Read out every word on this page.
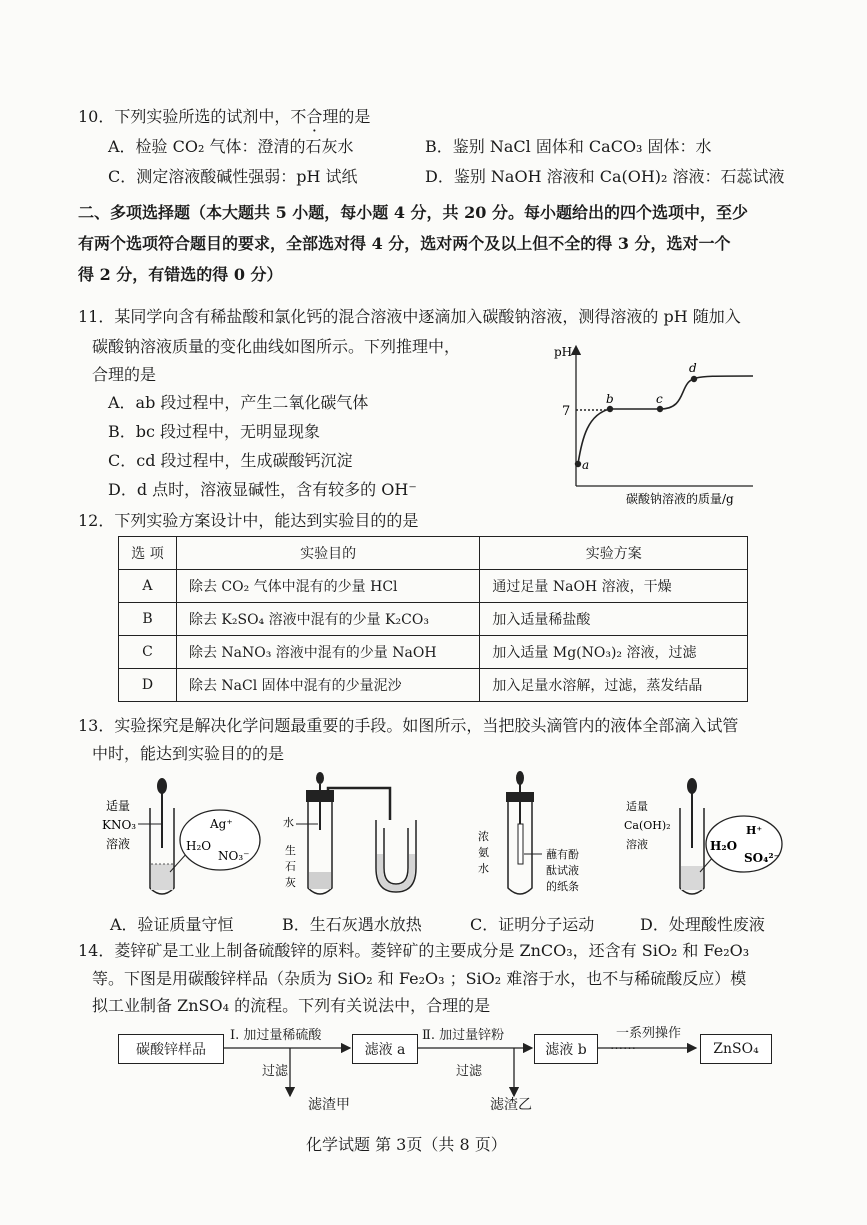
10．下列实验所选的试剂中，不合理的是
A．检验 CO₂ 气体：澄清的石灰水	B．鉴别 NaCl 固体和 CaCO₃ 固体：水
C．测定溶液酸碱性强弱：pH 试纸	D．鉴别 NaOH 溶液和 Ca(OH)₂ 溶液：石蕊试液
二、多项选择题（本大题共 5 小题，每小题 4 分，共 20 分。每小题给出的四个选项中，至少
有两个选项符合题目的要求，全部选对得 4 分，选对两个及以上但不全的得 3 分，选对一个
得 2 分，有错选的得 0 分）
11．某同学向含有稀盐酸和氯化钙的混合溶液中逐滴加入碳酸钠溶液，测得溶液的 pH 随加入
碳酸钠溶液质量的变化曲线如图所示。下列推理中，
合理的是
A．ab 段过程中，产生二氧化碳气体
B．bc 段过程中，无明显现象
C．cd 段过程中，生成碳酸钙沉淀
D．d 点时，溶液显碱性，含有较多的 OH⁻
pH
7
a
b	c
d
碳酸钠溶液的质量/g
12．下列实验方案设计中，能达到实验目的的是
选 项	实验目的	实验方案
A	除去 CO₂ 气体中混有的少量 HCl	通过足量 NaOH 溶液，干燥
B	除去 K₂SO₄ 溶液中混有的少量 K₂CO₃	加入适量稀盐酸
C	除去 NaNO₃ 溶液中混有的少量 NaOH	加入适量 Mg(NO₃)₂ 溶液，过滤
D	除去 NaCl 固体中混有的少量泥沙	加入足量水溶解，过滤，蒸发结晶
13．实验探究是解决化学问题最重要的手段。如图所示，当把胶头滴管内的液体全部滴入试管
中时，能达到实验目的的是
适量
KNO₃
溶液
Ag⁺
H₂O
NO₃⁻
水
生
石
灰
浓
氨
水
蘸有酚
酞试液
的纸条
适量
Ca(OH)₂
溶液	H₂O
H⁺
SO₄²⁻
A．验证质量守恒	B．生石灰遇水放热	C．证明分子运动	D．处理酸性废液
14．菱锌矿是工业上制备硫酸锌的原料。菱锌矿的主要成分是 ZnCO₃，还含有 SiO₂ 和 Fe₂O₃
等。下图是用碳酸锌样品（杂质为 SiO₂ 和 Fe₂O₃ ；SiO₂ 难溶于水，也不与稀硫酸反应）模
拟工业制备 ZnSO₄ 的流程。下列有关说法中，合理的是
碳酸锌样品
Ⅰ. 加过量稀硫酸
过滤
滤液 a
Ⅱ. 加过量锌粉
过滤
滤液 b
一系列操作
……	ZnSO₄
滤渣甲	滤渣乙
化学试题 第 3页（共 8 页）
